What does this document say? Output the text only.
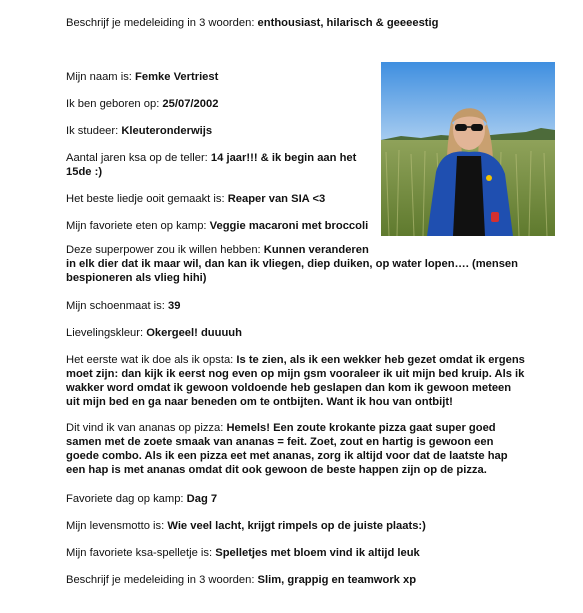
Beschrijf je medeleiding in 3 woorden: enthousiast, hilarisch & geeeestig

Mijn naam is: Femke Vertriest

Ik ben geboren op: 25/07/2002

Ik studeer: Kleuteronderwijs

Aantal jaren ksa op de teller: 14 jaar!!! & ik begin aan het
15de :)

Het beste liedje ooit gemaakt is: Reaper van SIA <3

Mijn favoriete eten op kamp: Veggie macaroni met broccoli

Deze superpower zou ik willen hebben: Kunnen veranderen
in elk dier dat ik maar wil, dan kan ik vliegen, diep duiken, op water lopen…. (mensen
bespioneren als vlieg hihi)

Mijn schoenmaat is: 39

Lievelingskleur: Okergeel! duuuuh

Het eerste wat ik doe als ik opsta: Is te zien, als ik een wekker heb gezet omdat ik ergens
moet zijn: dan kijk ik eerst nog even op mijn gsm vooraleer ik uit mijn bed kruip. Als ik
wakker word omdat ik gewoon voldoende heb geslapen dan kom ik gewoon meteen
uit mijn bed en ga naar beneden om te ontbijten. Want ik hou van ontbijt!

Dit vind ik van ananas op pizza: Hemels! Een zoute krokante pizza gaat super goed
samen met de zoete smaak van ananas = feit. Zoet, zout en hartig is gewoon een
goede combo. Als ik een pizza eet met ananas, zorg ik altijd voor dat de laatste hap
een hap is met ananas omdat dit ook gewoon de beste happen zijn op de pizza.

Favoriete dag op kamp: Dag 7

Mijn levensmotto is: Wie veel lacht, krijgt rimpels op de juiste plaats:)

Mijn favoriete ksa-spelletje is: Spelletjes met bloem vind ik altijd leuk

Beschrijf je medeleiding in 3 woorden: Slim, grappig en teamwork xp
